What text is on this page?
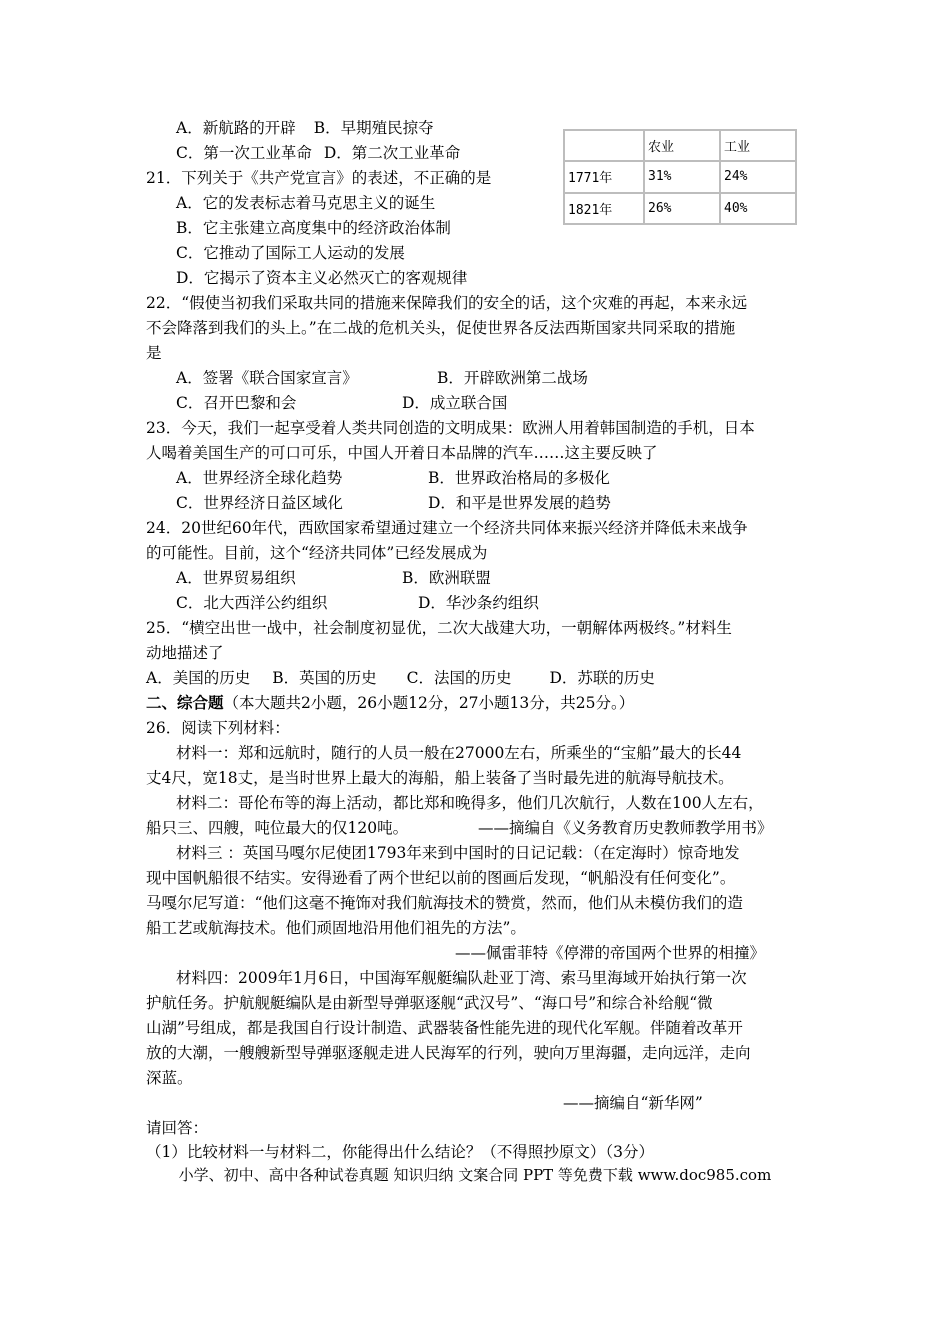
A．新航路的开辟 B．早期殖民掠夺
C．第一次工业革命 D．第二次工业革命
		农业	工业
1771年	31%	24%
1821年	26%	40%
21．下列关于《共产党宣言》的表述，不正确的是
A．它的发表标志着马克思主义的诞生
B．它主张建立高度集中的经济政治体制
C．它推动了国际工人运动的发展
D．它揭示了资本主义必然灭亡的客观规律
22．“假使当初我们采取共同的措施来保障我们的安全的话，这个灾难的再起，本来永远
不会降落到我们的头上。”在二战的危机关头，促使世界各反法西斯国家共同采取的措施
是
A．签署《联合国家宣言》	B．开辟欧洲第二战场
C．召开巴黎和会	D．成立联合国
23．今天，我们一起享受着人类共同创造的文明成果：欧洲人用着韩国制造的手机，日本
人喝着美国生产的可口可乐，中国人开着日本品牌的汽车……这主要反映了
A．世界经济全球化趋势	B．世界政治格局的多极化
C．世界经济日益区域化	D．和平是世界发展的趋势
24．20世纪60年代，西欧国家希望通过建立一个经济共同体来振兴经济并降低未来战争
的可能性。目前，这个“经济共同体”已经发展成为
A．世界贸易组织	B．欧洲联盟
C．北大西洋公约组织	D．华沙条约组织
25．“横空出世一战中，社会制度初显优，二次大战建大功，一朝解体两极终。”材料生
动地描述了
A．美国的历史 B．英国的历史 C．法国的历史 D．苏联的历史
二、综合题（本大题共2小题，26小题12分，27小题13分，共25分。）
26．阅读下列材料：
材料一：郑和远航时，随行的人员一般在27000左右，所乘坐的“宝船”最大的长44
丈4尺，宽18丈，是当时世界上最大的海船，船上装备了当时最先进的航海导航技术。
材料二：哥伦布等的海上活动，都比郑和晚得多，他们几次航行，人数在100人左右，
船只三、四艘，吨位最大的仅120吨。	——摘编自《义务教育历史教师教学用书》
材料三 ：英国马嘎尔尼使团1793年来到中国时的日记记载：（在定海时）惊奇地发
现中国帆船很不结实。安得逊看了两个世纪以前的图画后发现，“帆船没有任何变化”。
马嘎尔尼写道：“他们这毫不掩饰对我们航海技术的赞赏，然而，他们从未模仿我们的造
船工艺或航海技术。他们顽固地沿用他们祖先的方法”。
——佩雷菲特《停滞的帝国两个世界的相撞》
材料四：2009年1月6日，中国海军舰艇编队赴亚丁湾、索马里海域开始执行第一次
护航任务。护航舰艇编队是由新型导弹驱逐舰“武汉号”、“海口号”和综合补给舰“微
山湖”号组成，都是我国自行设计制造、武器装备性能先进的现代化军舰。伴随着改革开
放的大潮，一艘艘新型导弹驱逐舰走进人民海军的行列，驶向万里海疆，走向远洋，走向
深蓝。
——摘编自“新华网”
请回答：
（1）比较材料一与材料二，你能得出什么结论？（不得照抄原文）（3分）
小学、初中、高中各种试卷真题 知识归纳 文案合同 PPT 等免费下载 www.doc985.com
